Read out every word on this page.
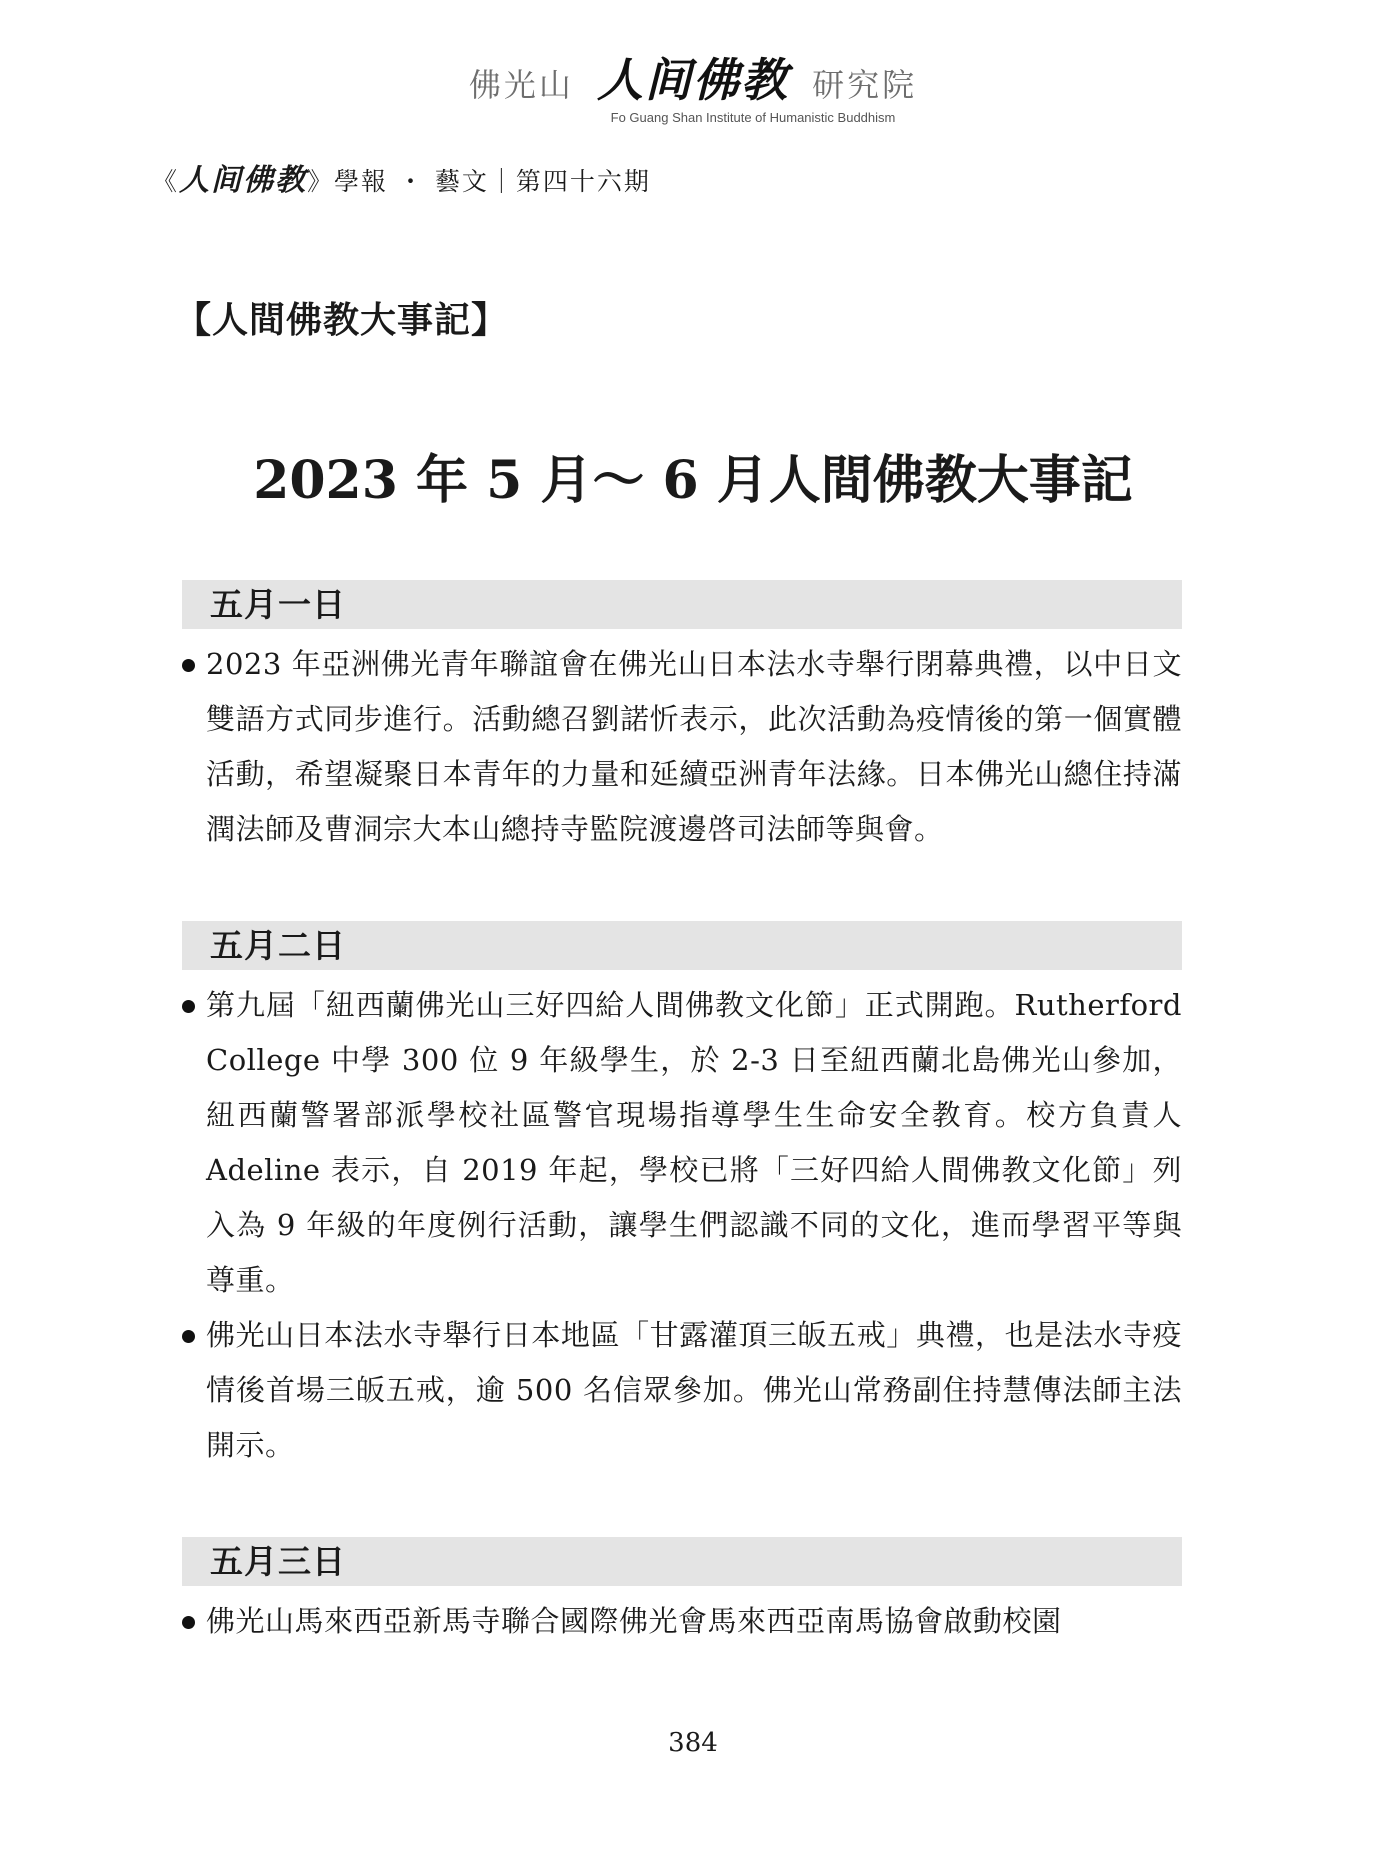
佛光山 人间佛教 研究院
Fo Guang Shan Institute of Humanistic Buddhism
《人间佛教》學報 ・ 藝文｜第四十六期
【人間佛教大事記】
2023 年 5 月～ 6 月人間佛教大事記
五月一日
2023 年亞洲佛光青年聯誼會在佛光山日本法水寺舉行閉幕典禮，以中日文雙語方式同步進行。活動總召劉諾忻表示，此次活動為疫情後的第一個實體活動，希望凝聚日本青年的力量和延續亞洲青年法緣。日本佛光山總住持滿潤法師及曹洞宗大本山總持寺監院渡邊啓司法師等與會。
五月二日
第九屆「紐西蘭佛光山三好四給人間佛教文化節」正式開跑。Rutherford College 中學 300 位 9 年級學生，於 2-3 日至紐西蘭北島佛光山參加，紐西蘭警署部派學校社區警官現場指導學生生命安全教育。校方負責人 Adeline 表示，自 2019 年起，學校已將「三好四給人間佛教文化節」列入為 9 年級的年度例行活動，讓學生們認識不同的文化，進而學習平等與尊重。
佛光山日本法水寺舉行日本地區「甘露灌頂三皈五戒」典禮，也是法水寺疫情後首場三皈五戒，逾 500 名信眾參加。佛光山常務副住持慧傳法師主法開示。
五月三日
佛光山馬來西亞新馬寺聯合國際佛光會馬來西亞南馬協會啟動校園
384
